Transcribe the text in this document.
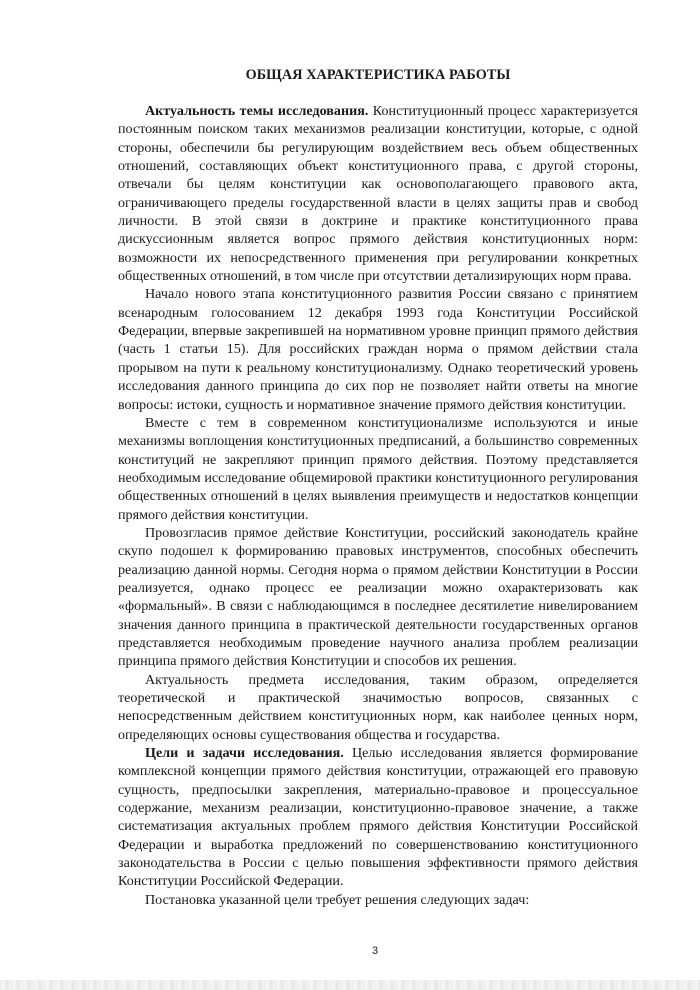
ОБЩАЯ ХАРАКТЕРИСТИКА РАБОТЫ

Актуальность темы исследования. Конституционный процесс характеризуется постоянным поиском таких механизмов реализации конституции, которые, с одной стороны, обеспечили бы регулирующим воздействием весь объем общественных отношений, составляющих объект конституционного права, с другой стороны, отвечали бы целям конституции как основополагающего правового акта, ограничивающего пределы государственной власти в целях защиты прав и свобод личности. В этой связи в доктрине и практике конституционного права дискуссионным является вопрос прямого действия конституционных норм: возможности их непосредственного применения при регулировании конкретных общественных отношений, в том числе при отсутствии детализирующих норм права.

Начало нового этапа конституционного развития России связано с принятием всенародным голосованием 12 декабря 1993 года Конституции Российской Федерации, впервые закрепившей на нормативном уровне принцип прямого действия (часть 1 статьи 15). Для российских граждан норма о прямом действии стала прорывом на пути к реальному конституционализму. Однако теоретический уровень исследования данного принципа до сих пор не позволяет найти ответы на многие вопросы: истоки, сущность и нормативное значение прямого действия конституции.

Вместе с тем в современном конституционализме используются и иные механизмы воплощения конституционных предписаний, а большинство современных конституций не закрепляют принцип прямого действия. Поэтому представляется необходимым исследование общемировой практики конституционного регулирования общественных отношений в целях выявления преимуществ и недостатков концепции прямого действия конституции.

Провозгласив прямое действие Конституции, российский законодатель крайне скупо подошел к формированию правовых инструментов, способных обеспечить реализацию данной нормы. Сегодня норма о прямом действии Конституции в России реализуется, однако процесс ее реализации можно охарактеризовать как «формальный». В связи с наблюдающимся в последнее десятилетие нивелированием значения данного принципа в практической деятельности государственных органов представляется необходимым проведение научного анализа проблем реализации принципа прямого действия Конституции и способов их решения.

Актуальность предмета исследования, таким образом, определяется теоретической и практической значимостью вопросов, связанных с непосредственным действием конституционных норм, как наиболее ценных норм, определяющих основы существования общества и государства.

Цели и задачи исследования. Целью исследования является формирование комплексной концепции прямого действия конституции, отражающей его правовую сущность, предпосылки закрепления, материально-правовое и процессуальное содержание, механизм реализации, конституционно-правовое значение, а также систематизация актуальных проблем прямого действия Конституции Российской Федерации и выработка предложений по совершенствованию конституционного законодательства в России с целью повышения эффективности прямого действия Конституции Российской Федерации.

Постановка указанной цели требует решения следующих задач:

3
